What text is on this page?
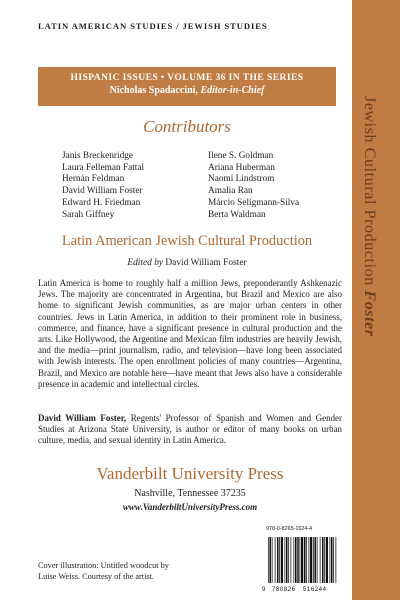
LATIN AMERICAN STUDIES / JEWISH STUDIES
HISPANIC ISSUES • VOLUME 36 IN THE SERIES
Nicholas Spadaccini, Editor-in-Chief
Contributors
Janis Breckenridge
Laura Felleman Fattal
Hernán Feldman
David William Foster
Edward H. Friedman
Sarah Giffney
Ilene S. Goldman
Ariana Huberman
Naomi Lindstrom
Amalia Ran
Márcio Seligmann-Silva
Berta Waldman
Latin American Jewish Cultural Production
Edited by David William Foster
Latin America is home to roughly half a million Jews, preponderantly Ashkenazic Jews. The majority are concentrated in Argentina, but Brazil and Mexico are also home to significant Jewish communities, as are major urban centers in other countries. Jews in Latin America, in addition to their prominent role in business, commerce, and finance, have a significant presence in cultural production and the arts. Like Hollywood, the Argentine and Mexican film industries are heavily Jewish, and the media—print journalism, radio, and television—have long been associated with Jewish interests. The open enrollment policies of many countries—Argentina, Brazil, and Mexico are notable here—have meant that Jews also have a considerable presence in academic and intellectual circles.
David William Foster, Regents' Professor of Spanish and Women and Gender Studies at Arizona State University, is author or editor of many books on urban culture, media, and sexual identity in Latin America.
Vanderbilt University Press
Nashville, Tennessee 37235
www.VanderbiltUniversityPress.com
Cover illustration: Untitled woodcut by
Luise Weiss. Courtesy of the artist.
978-0-8265-1624-4
9 780826 516244
Jewish Cultural Production Foster
